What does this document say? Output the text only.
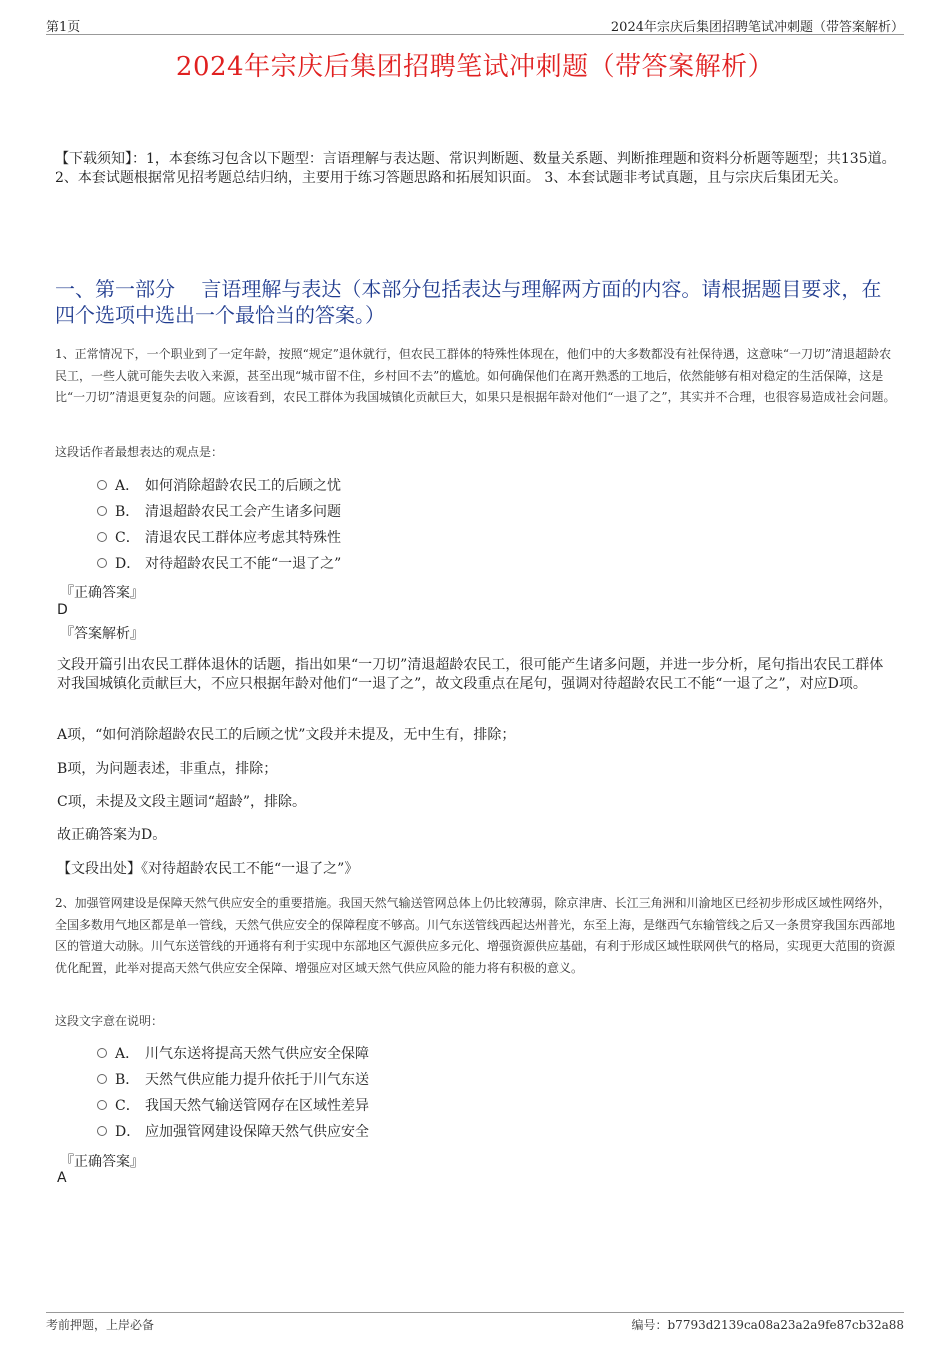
第1页	2024年宗庆后集团招聘笔试冲刺题（带答案解析）
2024年宗庆后集团招聘笔试冲刺题（带答案解析）
【下载须知】：1，本套练习包含以下题型：言语理解与表达题、常识判断题、数量关系题、判断推理题和资料分析题等题型；共135道。 2、本套试题根据常见招考题总结归纳，主要用于练习答题思路和拓展知识面。 3、本套试题非考试真题，且与宗庆后集团无关。
一、第一部分 　言语理解与表达（本部分包括表达与理解两方面的内容。请根据题目要求，在四个选项中选出一个最恰当的答案。）
1、正常情况下，一个职业到了一定年龄，按照“规定”退休就行，但农民工群体的特殊性体现在，他们中的大多数都没有社保待遇，这意味“一刀切”清退超龄农民工，一些人就可能失去收入来源，甚至出现“城市留不住，乡村回不去”的尴尬。如何确保他们在离开熟悉的工地后，依然能够有相对稳定的生活保障，这是比“一刀切”清退更复杂的问题。应该看到，农民工群体为我国城镇化贡献巨大，如果只是根据年龄对他们“一退了之”，其实并不合理，也很容易造成社会问题。
这段话作者最想表达的观点是：
A． 如何消除超龄农民工的后顾之忧
B． 清退超龄农民工会产生诸多问题
C． 清退农民工群体应考虑其特殊性
D． 对待超龄农民工不能“一退了之”
『正确答案』
D
『答案解析』
文段开篇引出农民工群体退休的话题，指出如果“一刀切”清退超龄农民工，很可能产生诸多问题，并进一步分析，尾句指出农民工群体对我国城镇化贡献巨大，不应只根据年龄对他们“一退了之”，故文段重点在尾句，强调对待超龄农民工不能“一退了之”，对应D项。
A项，“如何消除超龄农民工的后顾之忧”文段并未提及，无中生有，排除；
B项，为问题表述，非重点，排除；
C项，未提及文段主题词“超龄”，排除。
故正确答案为D。
【文段出处】《对待超龄农民工不能“一退了之”》
2、加强管网建设是保障天然气供应安全的重要措施。我国天然气输送管网总体上仍比较薄弱，除京津唐、长江三角洲和川渝地区已经初步形成区域性网络外，全国多数用气地区都是单一管线，天然气供应安全的保障程度不够高。川气东送管线西起达州普光，东至上海，是继西气东输管线之后又一条贯穿我国东西部地区的管道大动脉。川气东送管线的开通将有利于实现中东部地区气源供应多元化、增强资源供应基础，有利于形成区域性联网供气的格局，实现更大范围的资源优化配置，此举对提高天然气供应安全保障、增强应对区域天然气供应风险的能力将有积极的意义。
这段文字意在说明：
A． 川气东送将提高天然气供应安全保障
B． 天然气供应能力提升依托于川气东送
C． 我国天然气输送管网存在区域性差异
D． 应加强管网建设保障天然气供应安全
『正确答案』
A
考前押题，上岸必备	编号：b7793d2139ca08a23a2a9fe87cb32a88
